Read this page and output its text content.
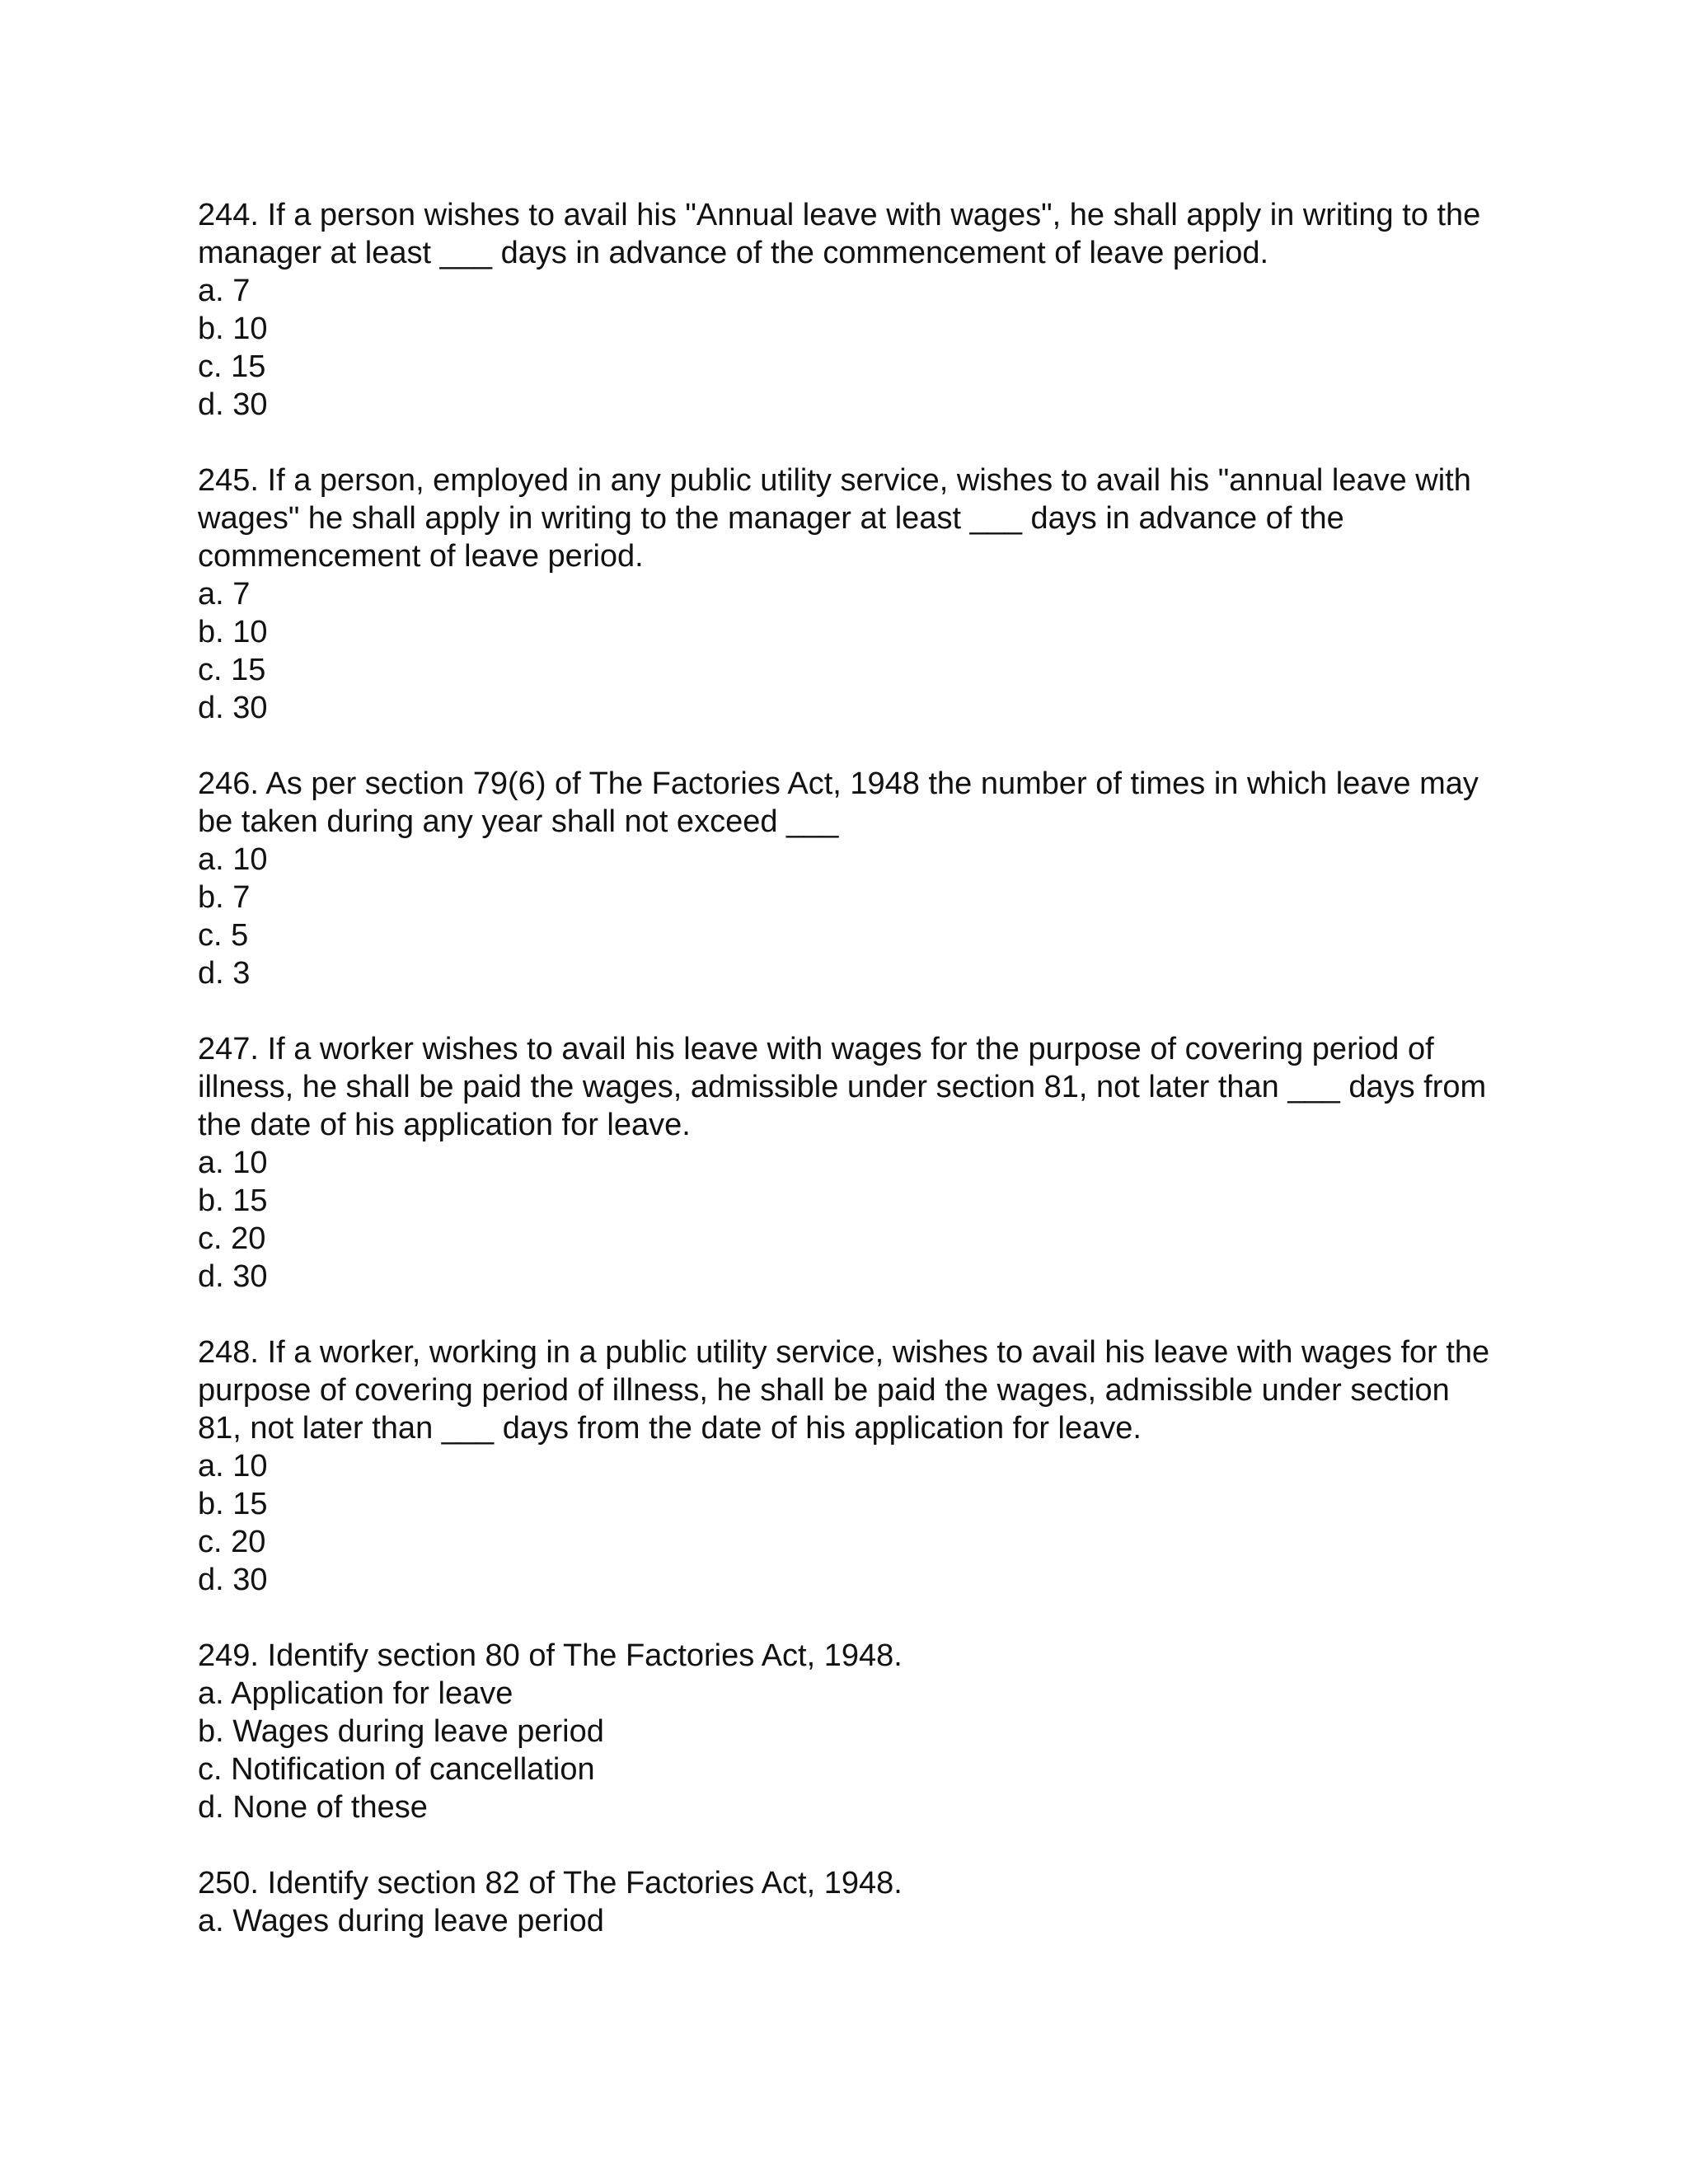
244. If a person wishes to avail his "Annual leave with wages", he shall apply in writing to the manager at least ___ days in advance of the commencement of leave period.

a. 7

b. 10

c. 15

d. 30

245. If a person, employed in any public utility service, wishes to avail his "annual leave with wages" he shall apply in writing to the manager at least ___ days in advance of the commencement of leave period.

a. 7

b. 10

c. 15

d. 30

246. As per section 79(6) of The Factories Act, 1948 the number of times in which leave may be taken during any year shall not exceed ___

a. 10

b. 7

c. 5

d. 3

247. If a worker wishes to avail his leave with wages for the purpose of covering period of illness, he shall be paid the wages, admissible under section 81, not later than ___ days from the date of his application for leave.

a. 10

b. 15

c. 20

d. 30

248. If a worker, working in a public utility service, wishes to avail his leave with wages for the purpose of covering period of illness, he shall be paid the wages, admissible under section 81, not later than ___ days from the date of his application for leave.

a. 10

b. 15

c. 20

d. 30

249. Identify section 80 of The Factories Act, 1948.

a. Application for leave

b. Wages during leave period

c. Notification of cancellation

d. None of these

250. Identify section 82 of The Factories Act, 1948.

a. Wages during leave period
